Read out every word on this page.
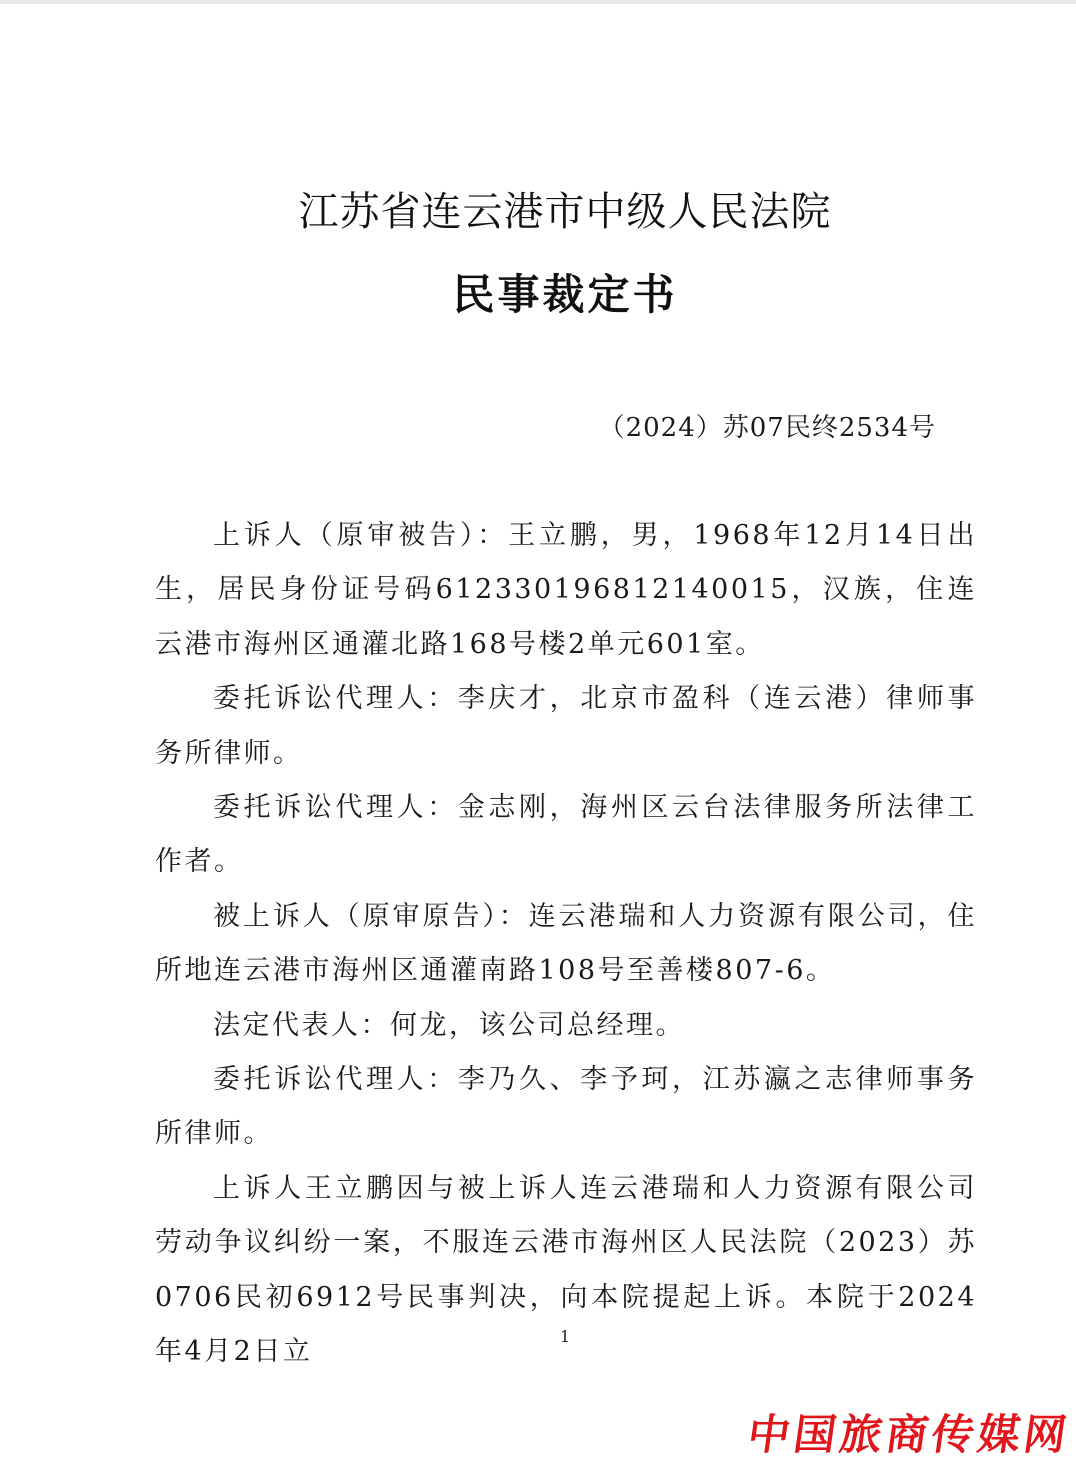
江苏省连云港市中级人民法院
民事裁定书
（2024）苏07民终2534号

上诉人（原审被告）：王立鹏，男，1968年12月14日出生，居民身份证号码612330196812140015，汉族，住连云港市海州区通灌北路168号楼2单元601室。

委托诉讼代理人：李庆才，北京市盈科（连云港）律师事务所律师。

委托诉讼代理人：金志刚，海州区云台法律服务所法律工作者。

被上诉人（原审原告）：连云港瑞和人力资源有限公司，住所地连云港市海州区通灌南路108号至善楼807-6。

法定代表人：何龙，该公司总经理。

委托诉讼代理人：李乃久、李予珂，江苏瀛之志律师事务所律师。

上诉人王立鹏因与被上诉人连云港瑞和人力资源有限公司劳动争议纠纷一案，不服连云港市海州区人民法院（2023）苏0706民初6912号民事判决，向本院提起上诉。本院于2024年4月2日立	1
中国旅商传媒网
